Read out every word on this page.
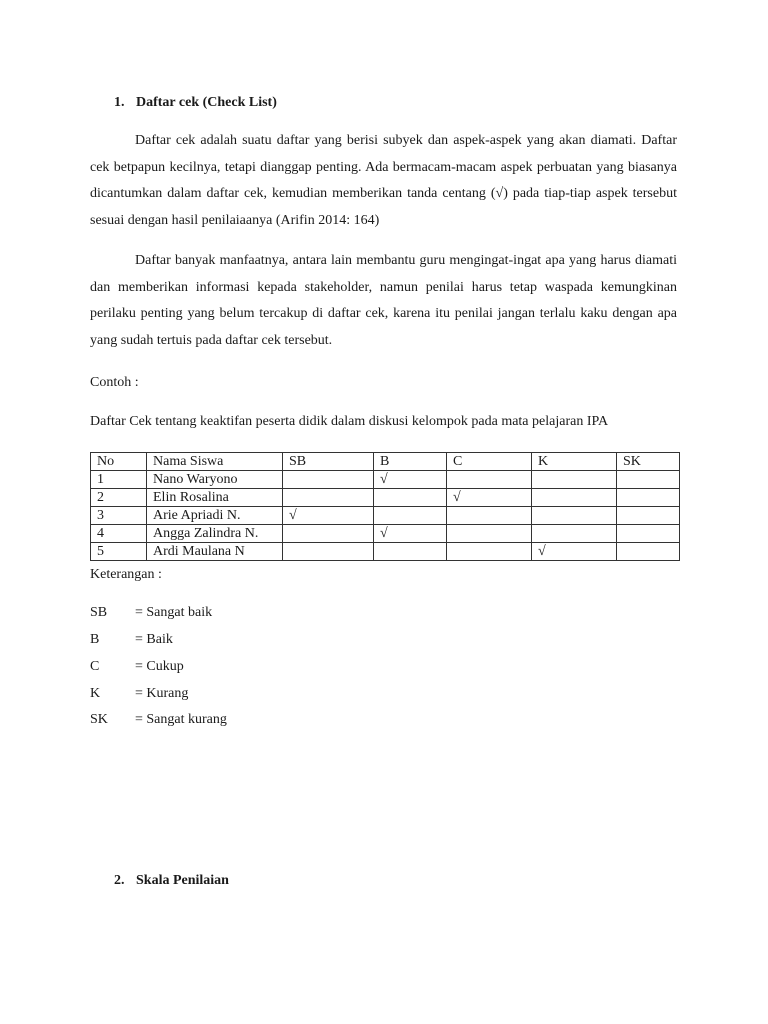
1. Daftar cek (Check List)

Daftar cek adalah suatu daftar yang berisi subyek dan aspek-aspek yang akan diamati. Daftar cek betpapun kecilnya, tetapi dianggap penting. Ada bermacam-macam aspek perbuatan yang biasanya dicantumkan dalam daftar cek, kemudian memberikan tanda centang (√) pada tiap-tiap aspek tersebut sesuai dengan hasil penilaiaanya (Arifin 2014: 164)

Daftar banyak manfaatnya, antara lain membantu guru mengingat-ingat apa yang harus diamati dan memberikan informasi kepada stakeholder, namun penilai harus tetap waspada kemungkinan perilaku penting yang belum tercakup di daftar cek, karena itu penilai jangan terlalu kaku dengan apa yang sudah tertuis pada daftar cek tersebut.

Contoh :
Daftar Cek tentang keaktifan peserta didik dalam diskusi kelompok pada mata pelajaran IPA
No	Nama Siswa	SB	B	C	K	SK
1	Nano Waryono		√			
2	Elin Rosalina			√		
3	Arie Apriadi N.	√				
4	Angga Zalindra N.		√			
5	Ardi Maulana N				√	
Keterangan :
SB = Sangat baik
B	= Baik
C	= Cukup
K = Kurang
SK = Sangat kurang
2. Skala Penilaian
